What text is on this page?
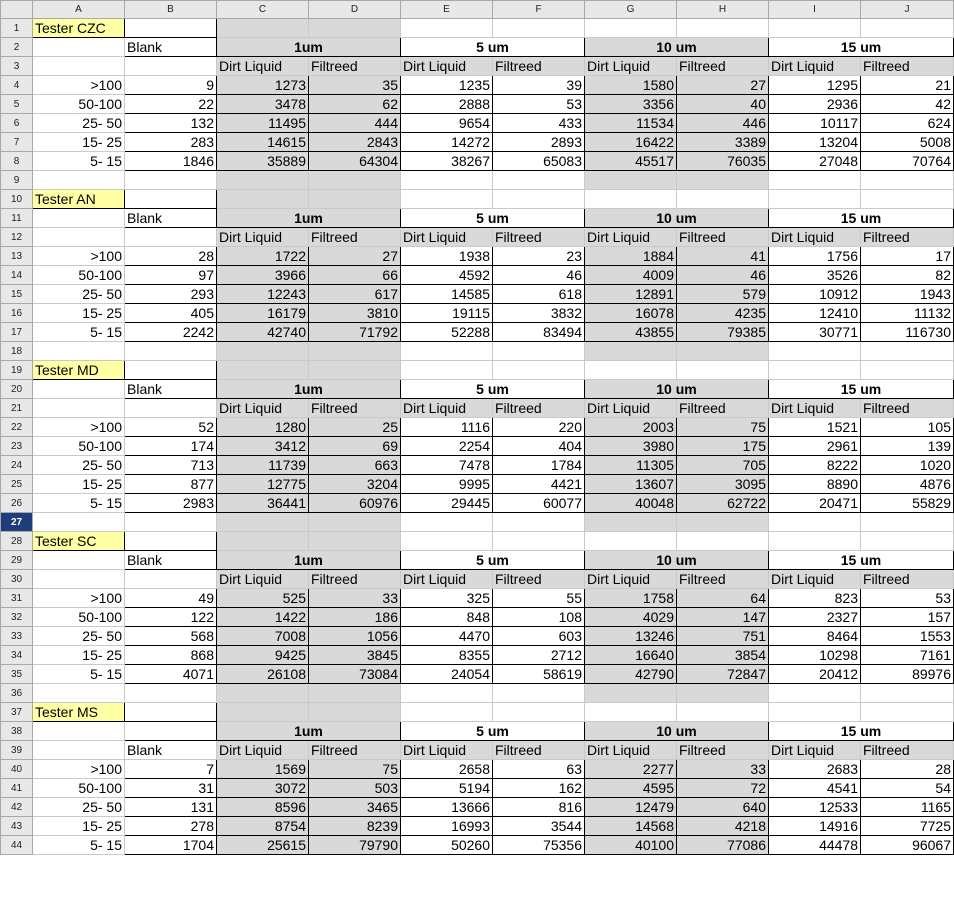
	A	B	C	D	E	F	G	H	I	J
1	Tester CZC									
2		Blank	1um		5 um		10 um		15 um	
3			Dirt Liquid	Filtreed	Dirt Liquid	Filtreed	Dirt Liquid	Filtreed	Dirt Liquid	Filtreed
4	>100	9	1273	35	1235	39	1580	27	1295	21
5	50-100	22	3478	62	2888	53	3356	40	2936	42
6	25- 50	132	11495	444	9654	433	11534	446	10117	624
7	15- 25	283	14615	2843	14272	2893	16422	3389	13204	5008
8	5- 15	1846	35889	64304	38267	65083	45517	76035	27048	70764
9										
10	Tester AN									
11		Blank	1um		5 um		10 um		15 um	
12			Dirt Liquid	Filtreed	Dirt Liquid	Filtreed	Dirt Liquid	Filtreed	Dirt Liquid	Filtreed
13	>100	28	1722	27	1938	23	1884	41	1756	17
14	50-100	97	3966	66	4592	46	4009	46	3526	82
15	25- 50	293	12243	617	14585	618	12891	579	10912	1943
16	15- 25	405	16179	3810	19115	3832	16078	4235	12410	11132
17	5- 15	2242	42740	71792	52288	83494	43855	79385	30771	116730
18										
19	Tester MD									
20		Blank	1um		5 um		10 um		15 um	
21			Dirt Liquid	Filtreed	Dirt Liquid	Filtreed	Dirt Liquid	Filtreed	Dirt Liquid	Filtreed
22	>100	52	1280	25	1116	220	2003	75	1521	105
23	50-100	174	3412	69	2254	404	3980	175	2961	139
24	25- 50	713	11739	663	7478	1784	11305	705	8222	1020
25	15- 25	877	12775	3204	9995	4421	13607	3095	8890	4876
26	5- 15	2983	36441	60976	29445	60077	40048	62722	20471	55829
27										
28	Tester SC									
29		Blank	1um		5 um		10 um		15 um	
30			Dirt Liquid	Filtreed	Dirt Liquid	Filtreed	Dirt Liquid	Filtreed	Dirt Liquid	Filtreed
31	>100	49	525	33	325	55	1758	64	823	53
32	50-100	122	1422	186	848	108	4029	147	2327	157
33	25- 50	568	7008	1056	4470	603	13246	751	8464	1553
34	15- 25	868	9425	3845	8355	2712	16640	3854	10298	7161
35	5- 15	4071	26108	73084	24054	58619	42790	72847	20412	89976
36										
37	Tester MS									
38			1um		5 um		10 um		15 um	
39		Blank	Dirt Liquid	Filtreed	Dirt Liquid	Filtreed	Dirt Liquid	Filtreed	Dirt Liquid	Filtreed
40	>100	7	1569	75	2658	63	2277	33	2683	28
41	50-100	31	3072	503	5194	162	4595	72	4541	54
42	25- 50	131	8596	3465	13666	816	12479	640	12533	1165
43	15- 25	278	8754	8239	16993	3544	14568	4218	14916	7725
44	5- 15	1704	25615	79790	50260	75356	40100	77086	44478	96067
